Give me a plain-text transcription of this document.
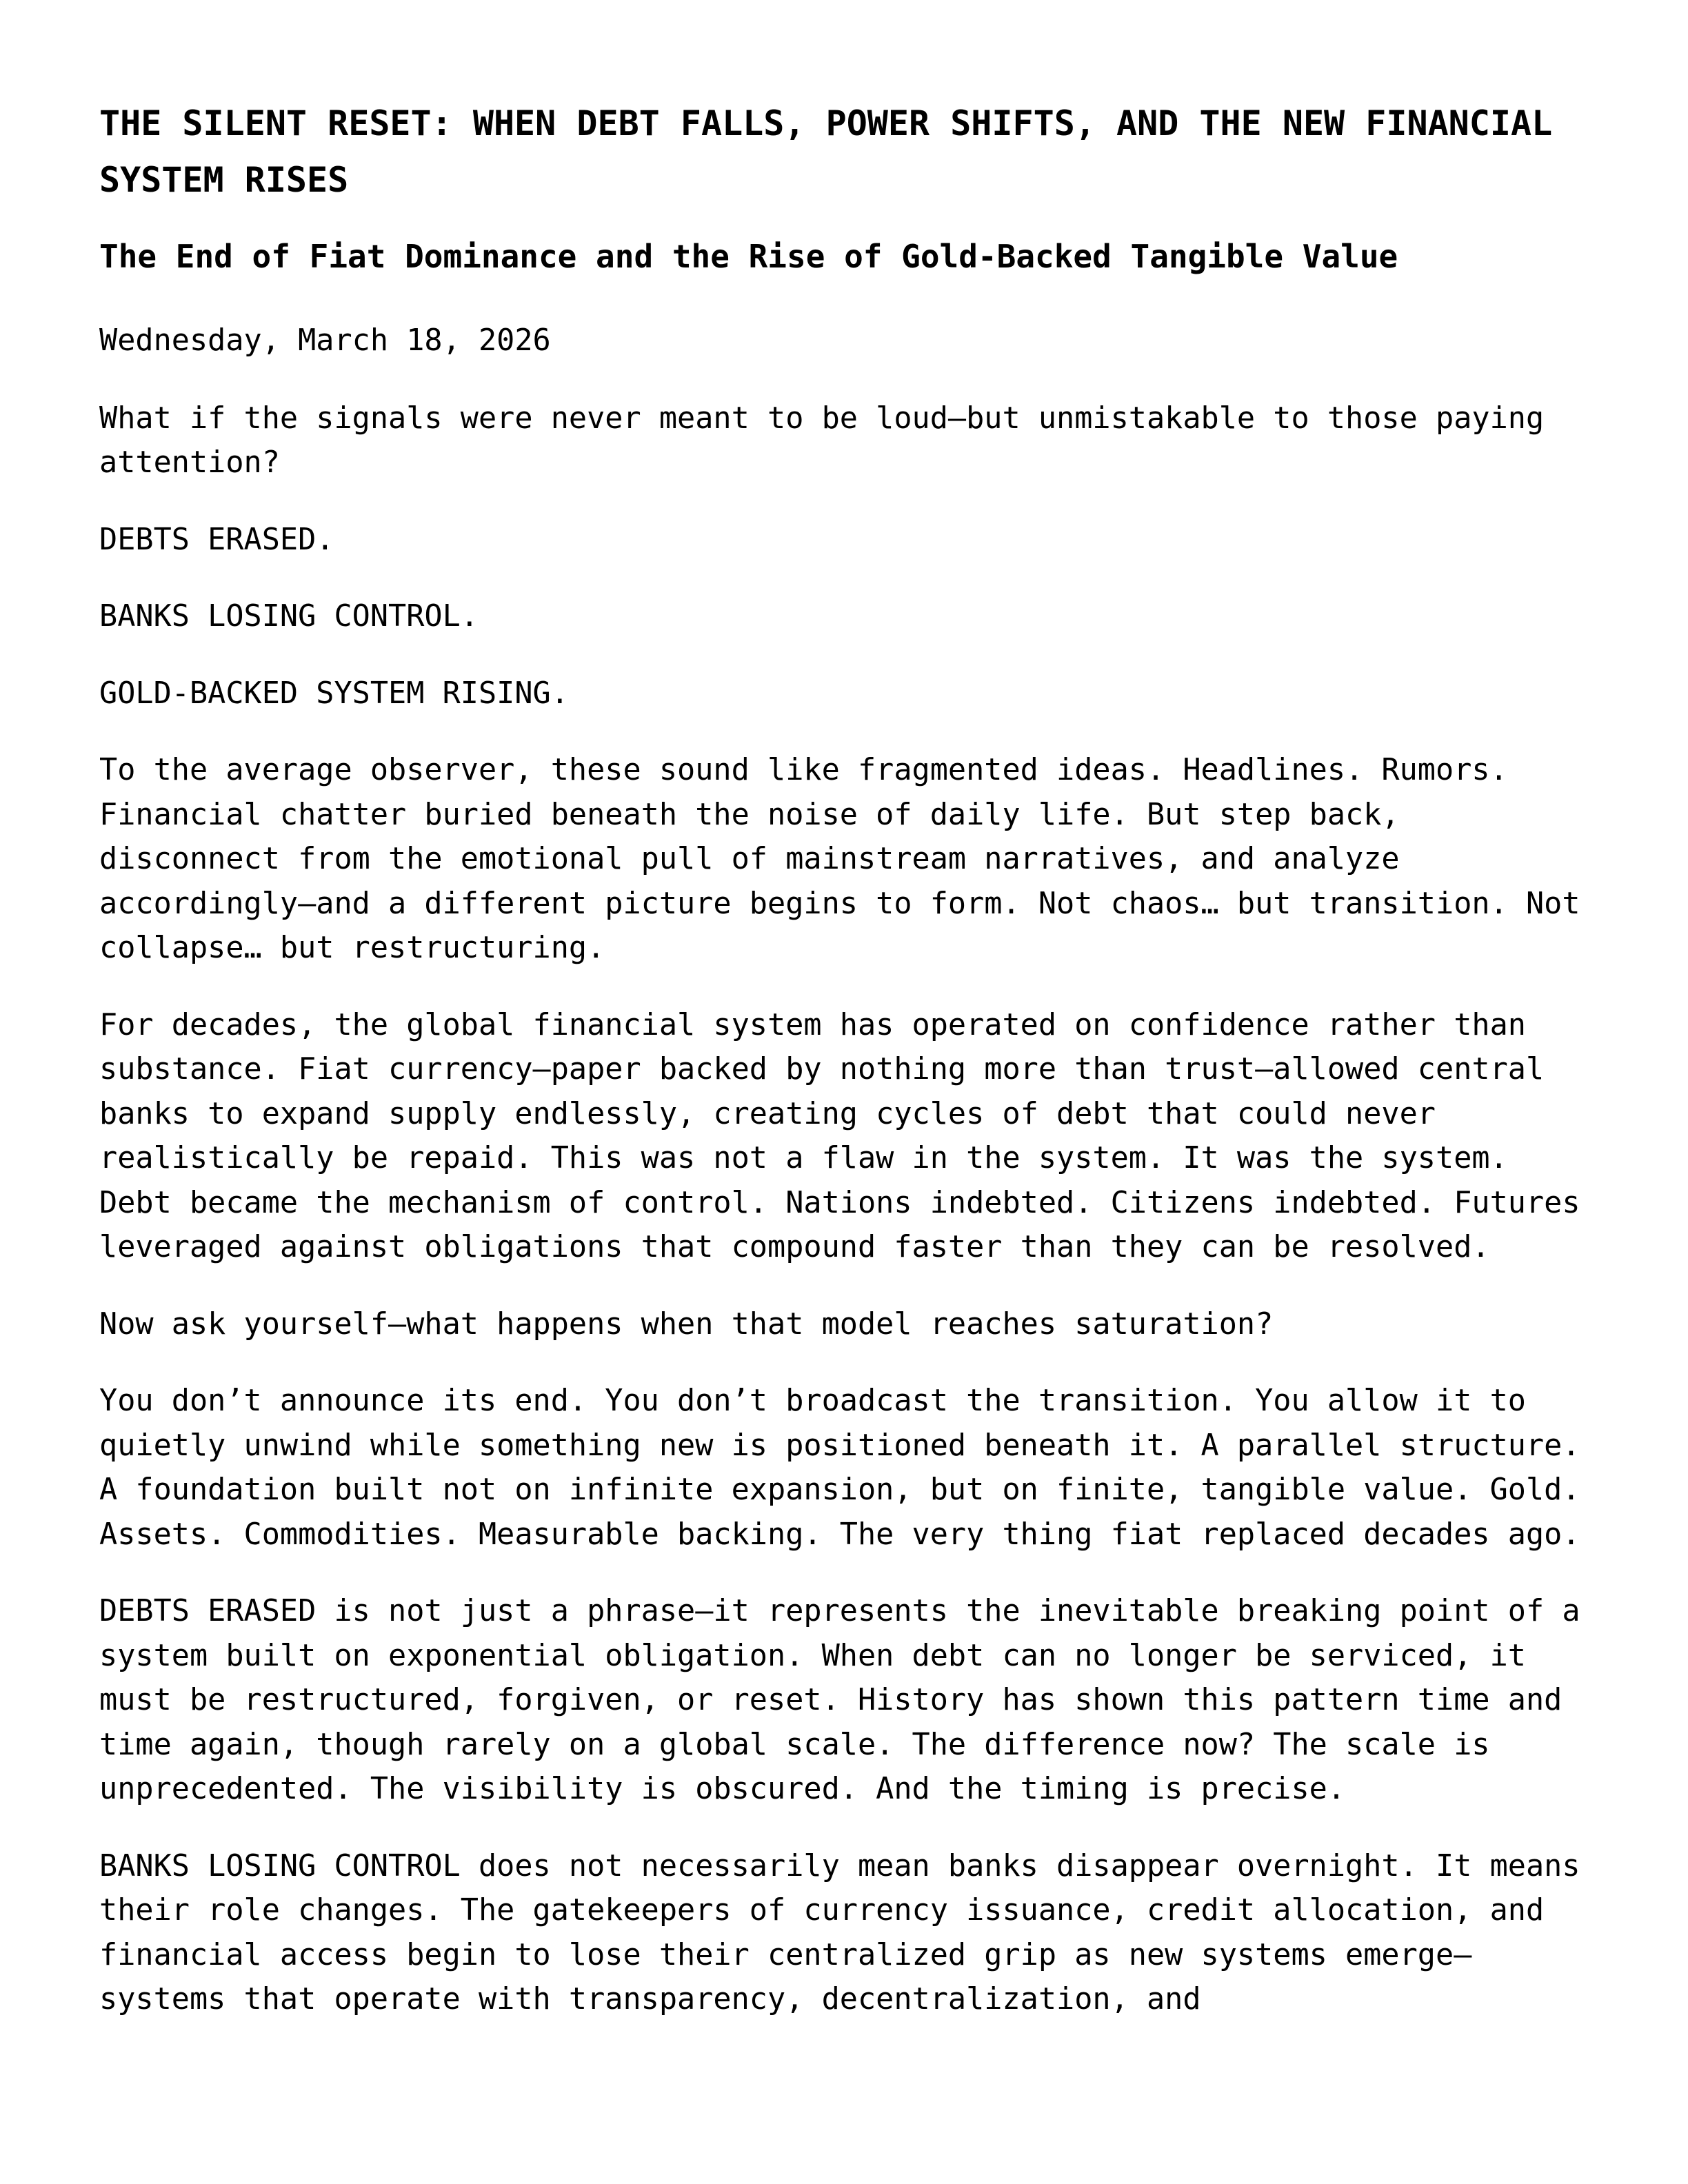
THE SILENT RESET: WHEN DEBT FALLS, POWER SHIFTS, AND THE NEW FINANCIAL SYSTEM RISES
The End of Fiat Dominance and the Rise of Gold-Backed Tangible Value

Wednesday, March 18, 2026

What if the signals were never meant to be loud—but unmistakable to those paying attention?

DEBTS ERASED.

BANKS LOSING CONTROL.

GOLD-BACKED SYSTEM RISING.

To the average observer, these sound like fragmented ideas. Headlines. Rumors. Financial chatter buried beneath the noise of daily life. But step back, disconnect from the emotional pull of mainstream narratives, and analyze accordingly—and a different picture begins to form. Not chaos… but transition. Not collapse… but restructuring.

For decades, the global financial system has operated on confidence rather than substance. Fiat currency—paper backed by nothing more than trust—allowed central banks to expand supply endlessly, creating cycles of debt that could never realistically be repaid. This was not a flaw in the system. It was the system. Debt became the mechanism of control. Nations indebted. Citizens indebted. Futures leveraged against obligations that compound faster than they can be resolved.

Now ask yourself—what happens when that model reaches saturation?

You don’t announce its end. You don’t broadcast the transition. You allow it to quietly unwind while something new is positioned beneath it. A parallel structure. A foundation built not on infinite expansion, but on finite, tangible value. Gold. Assets. Commodities. Measurable backing. The very thing fiat replaced decades ago.

DEBTS ERASED is not just a phrase—it represents the inevitable breaking point of a system built on exponential obligation. When debt can no longer be serviced, it must be restructured, forgiven, or reset. History has shown this pattern time and time again, though rarely on a global scale. The difference now? The scale is unprecedented. The visibility is obscured. And the timing is precise.

BANKS LOSING CONTROL does not necessarily mean banks disappear overnight. It means their role changes. The gatekeepers of currency issuance, credit allocation, and financial access begin to lose their centralized grip as new systems emerge—systems that operate with transparency, decentralization, and
